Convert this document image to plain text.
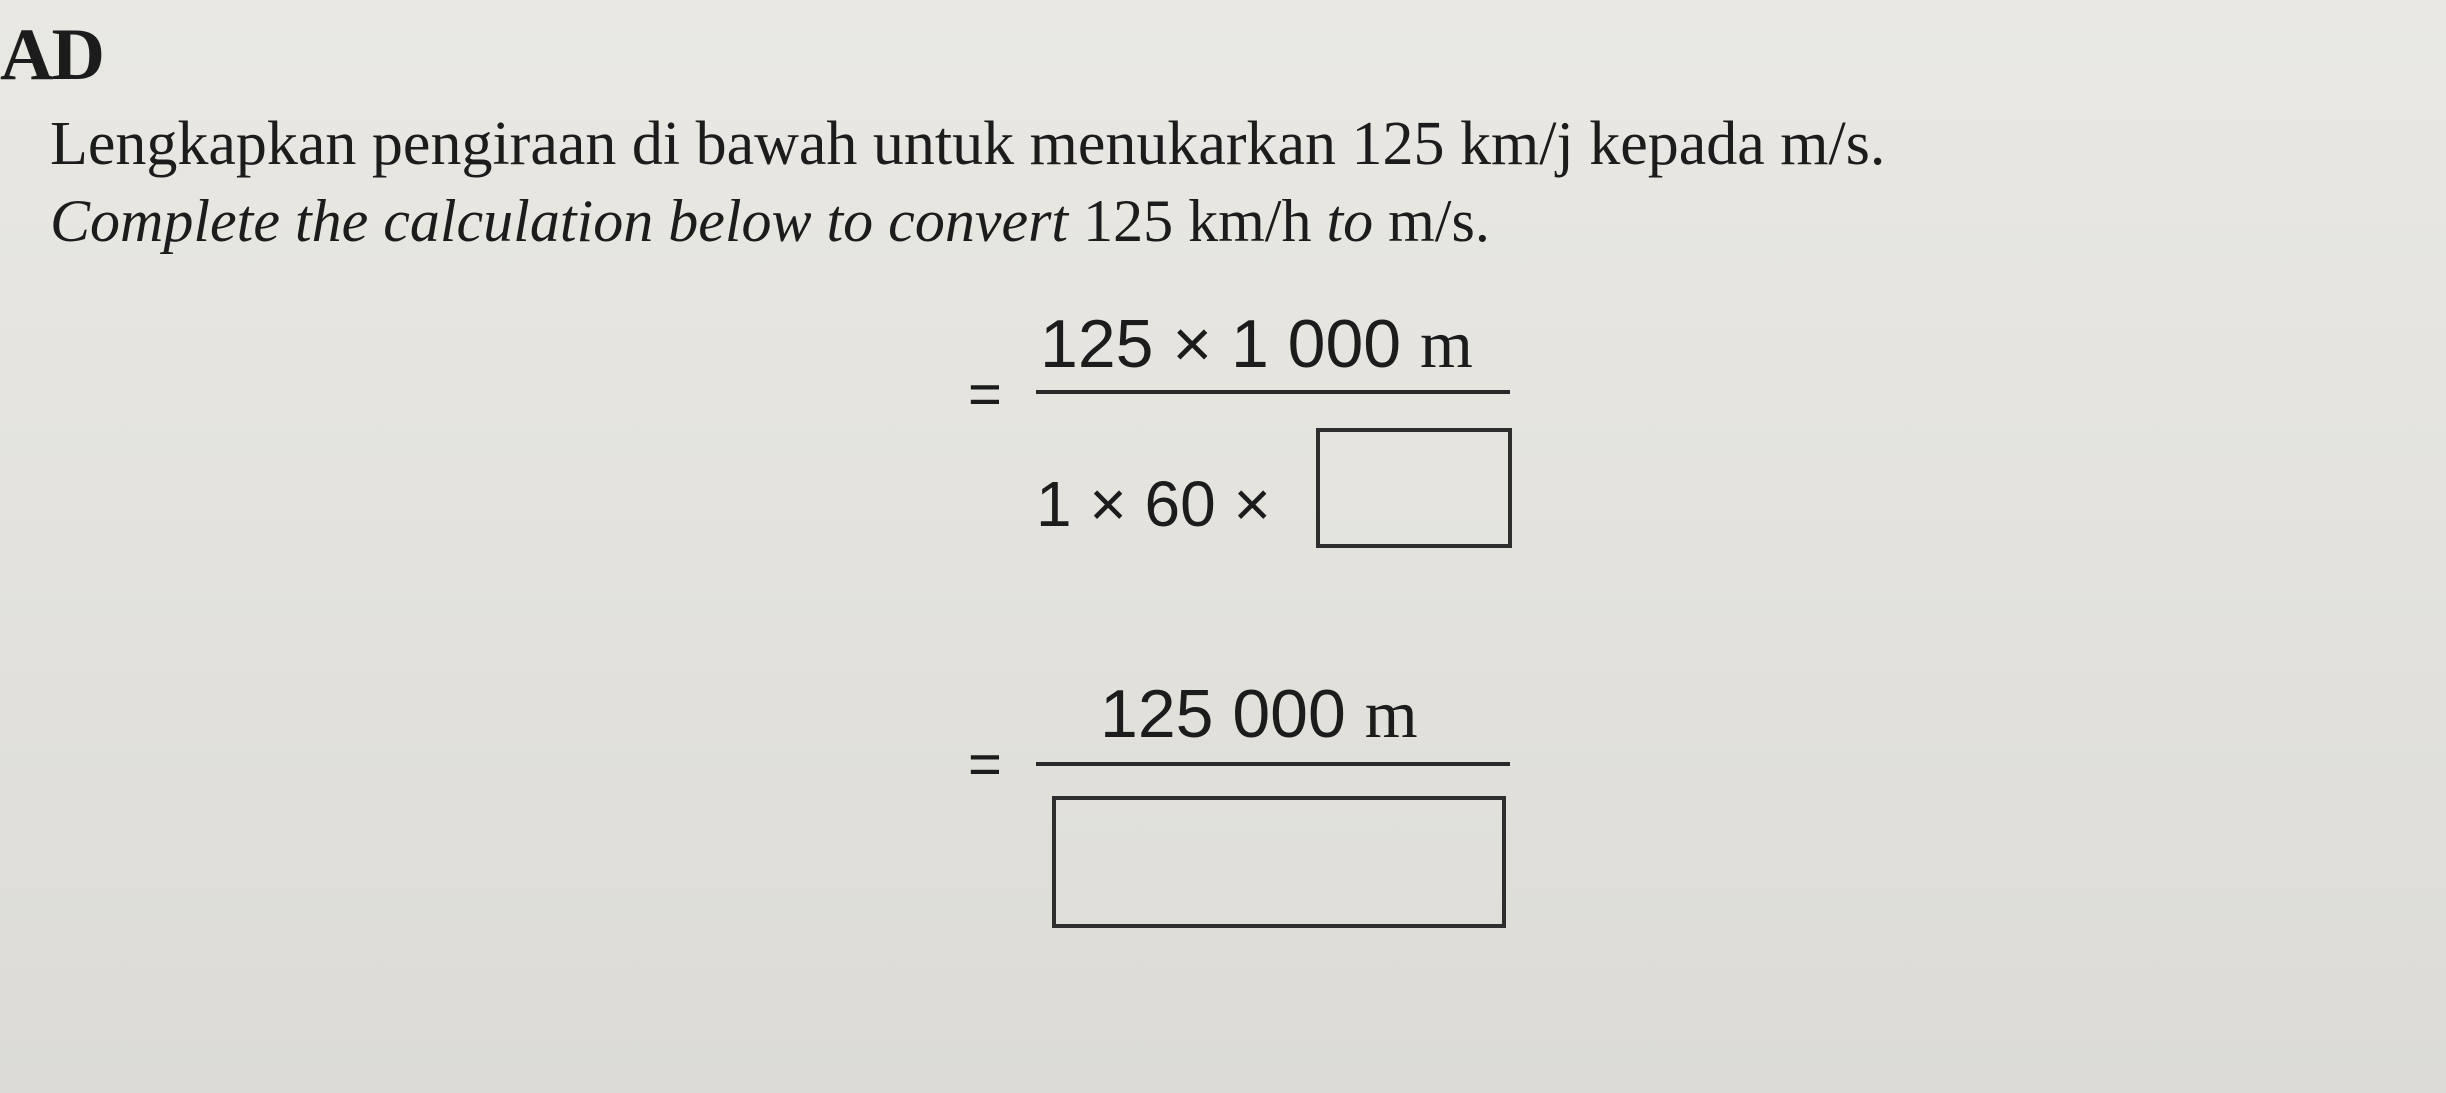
AD
Lengkapkan pengiraan di bawah untuk menukarkan 125 km/j kepada m/s.
Complete the calculation below to convert 125 km/h to m/s.
=
125 × 1 000 m
1 × 60 ×
=
125 000 m
